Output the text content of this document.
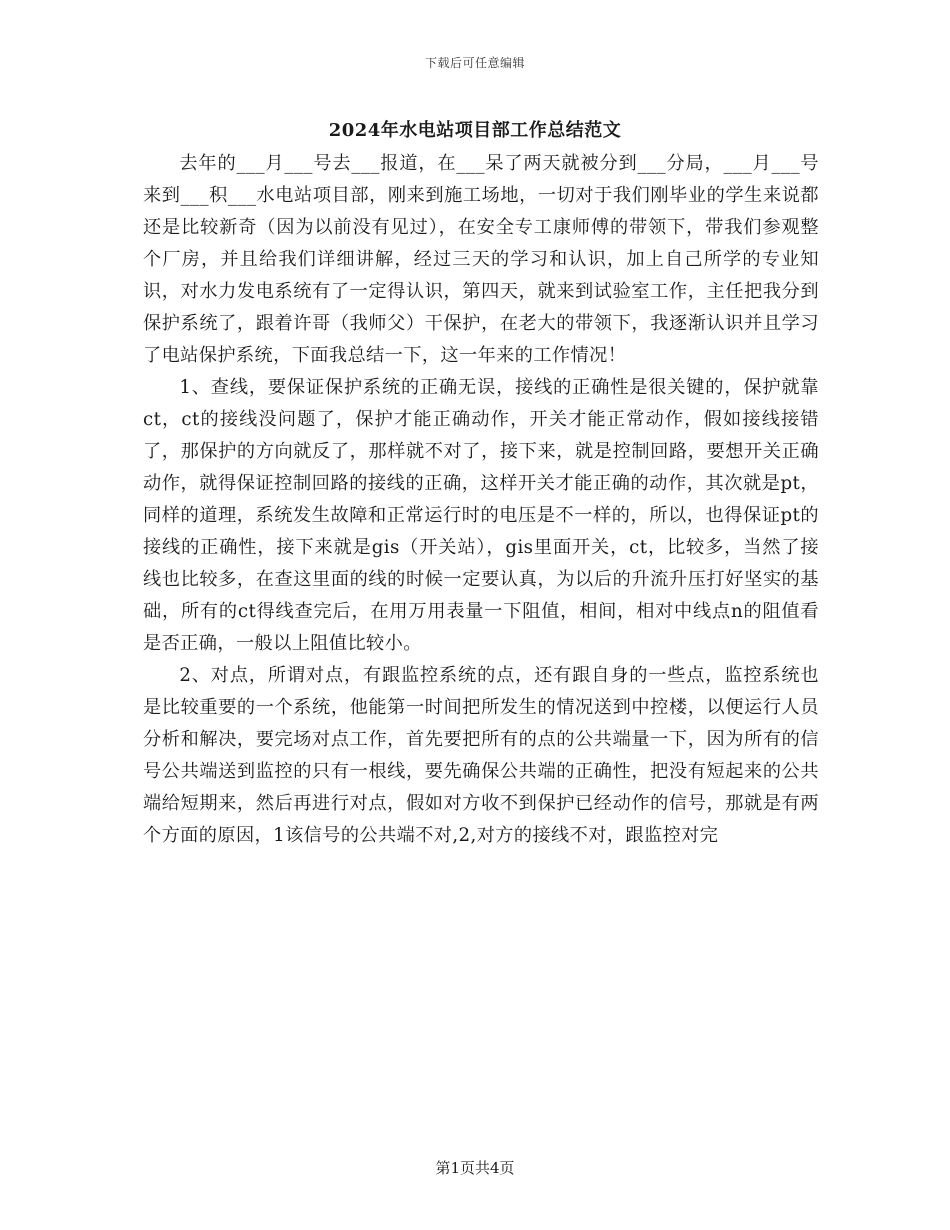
下载后可任意编辑
2024年水电站项目部工作总结范文

去年的___月___号去___报道，在___呆了两天就被分到___分局，___月___号来到___积___水电站项目部，刚来到施工场地，一切对于我们刚毕业的学生来说都还是比较新奇（因为以前没有见过），在安全专工康师傅的带领下，带我们参观整个厂房，并且给我们详细讲解，经过三天的学习和认识，加上自己所学的专业知识，对水力发电系统有了一定得认识，第四天，就来到试验室工作，主任把我分到保护系统了，跟着许哥（我师父）干保护，在老大的带领下，我逐渐认识并且学习了电站保护系统，下面我总结一下，这一年来的工作情况！

1、查线，要保证保护系统的正确无误，接线的正确性是很关键的，保护就靠ct，ct的接线没问题了，保护才能正确动作，开关才能正常动作，假如接线接错了，那保护的方向就反了，那样就不对了，接下来，就是控制回路，要想开关正确动作，就得保证控制回路的接线的正确，这样开关才能正确的动作，其次就是pt，同样的道理，系统发生故障和正常运行时的电压是不一样的，所以，也得保证pt的接线的正确性，接下来就是gis（开关站），gis里面开关，ct，比较多，当然了接线也比较多，在查这里面的线的时候一定要认真，为以后的升流升压打好坚实的基础，所有的ct得线查完后，在用万用表量一下阻值，相间，相对中线点n的阻值看是否正确，一般以上阻值比较小。

2、对点，所谓对点，有跟监控系统的点，还有跟自身的一些点，监控系统也是比较重要的一个系统，他能第一时间把所发生的情况送到中控楼，以便运行人员分析和解决，要完场对点工作，首先要把所有的点的公共端量一下，因为所有的信号公共端送到监控的只有一根线，要先确保公共端的正确性，把没有短起来的公共端给短期来，然后再进行对点，假如对方收不到保护已经动作的信号，那就是有两个方面的原因，1该信号的公共端不对,2,对方的接线不对，跟监控对完

第1页共4页
